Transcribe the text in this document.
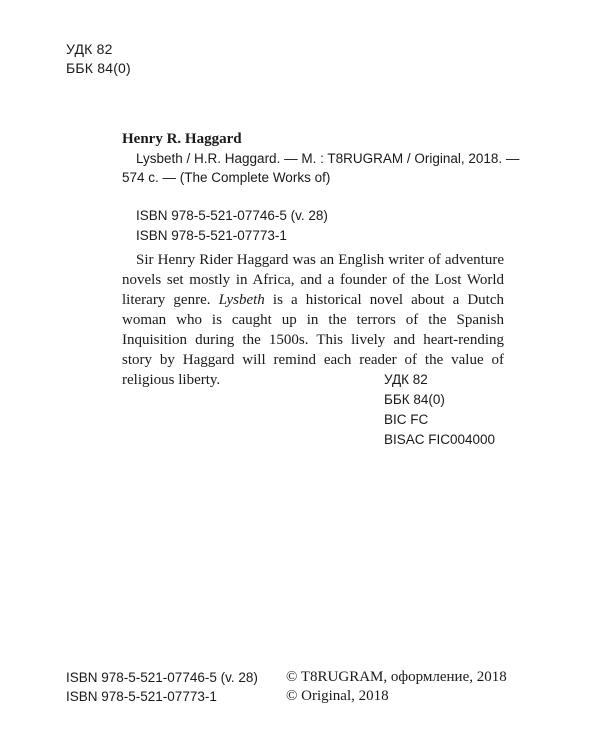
УДК 82
ББК 84(0)
Henry R. Haggard
Lysbeth / H.R. Haggard. — M. : T8RUGRAM / Original, 2018. —
574 c. — (The Complete Works of)
ISBN 978-5-521-07746-5 (v. 28)
ISBN 978-5-521-07773-1

Sir Henry Rider Haggard was an English writer of adventure novels set mostly in Africa, and a founder of the Lost World literary genre. Lysbeth is a historical novel about a Dutch woman who is caught up in the terrors of the Spanish Inquisition during the 1500s. This lively and heart-rending story by Haggard will remind each reader of the value of religious liberty.	УДК 82
ББК 84(0)
BIC FC
BISAC FIC004000
ISBN 978-5-521-07746-5 (v. 28)
ISBN 978-5-521-07773-1
© T8RUGRAM, оформление, 2018
© Original, 2018
